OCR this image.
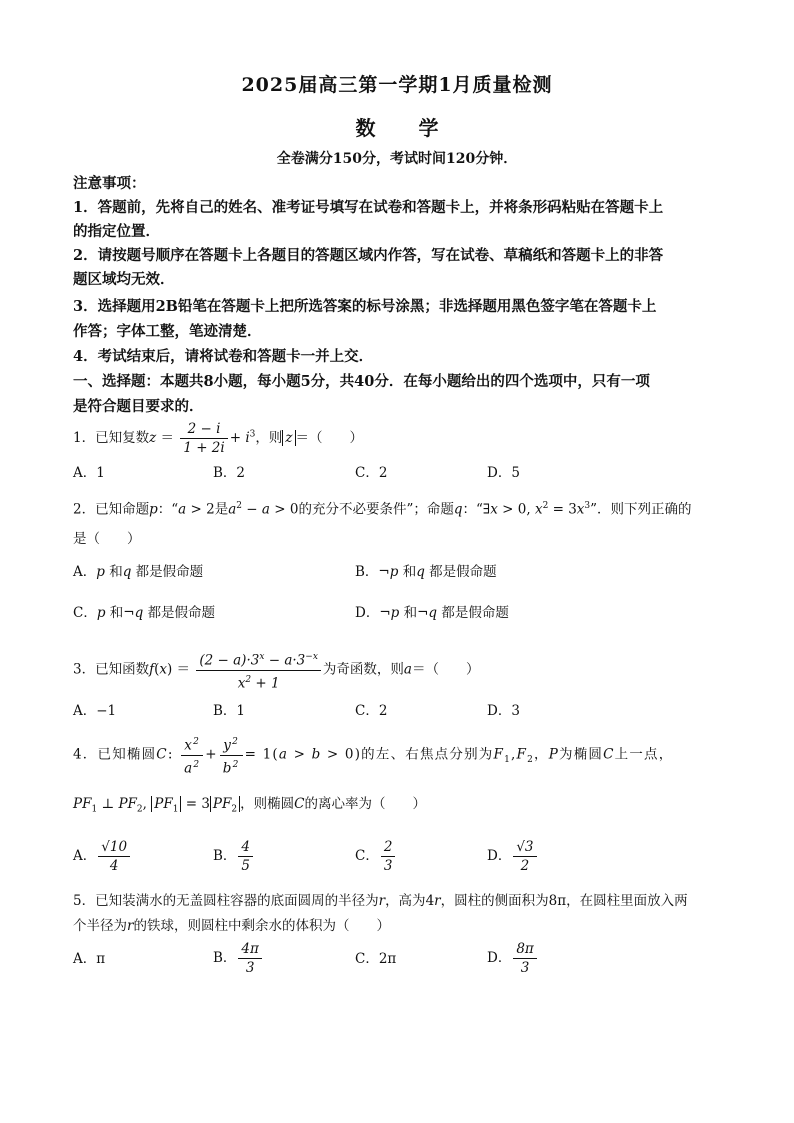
2025届高三第一学期1月质量检测
数 学
全卷满分150分，考试时间120分钟．
注意事项：
1．答题前，先将自己的姓名、准考证号填写在试卷和答题卡上，并将条形码粘贴在答题卡上
的指定位置．
2．请按题号顺序在答题卡上各题目的答题区域内作答，写在试卷、草稿纸和答题卡上的非答
题区域均无效．
3．选择题用2B铅笔在答题卡上把所选答案的标号涂黑；非选择题用黑色签字笔在答题卡上
作答；字体工整，笔迹清楚．
4．考试结束后，请将试卷和答题卡一并上交．
一、选择题：本题共8小题，每小题5分，共40分．在每小题给出的四个选项中，只有一项
是符合题目要求的．
1．已知复数$z = \frac{2 - i}{1 + 2i} + i^3$，则 z ＝（　　）
A．1	B．2	C．2	D．5
2．已知命题p：“a > 2是$a^2 - a > 0$的充分不必要条件”；命题q：“∃x > 0, $x^2 = 3x^3$”．则下列正确的
是（　　）
A．p 和q 都是假命题	B．¬p 和q 都是假命题
C．p 和¬q 都是假命题	D．¬p 和¬q 都是假命题
3．已知函数$f(x) = \frac{(2 - a)\cdot 3^x - a\cdot 3^{-x}}{x^2 + 1}$ 为奇函数，则a＝（　　）
A．−1	B．1	C．2	D．3
4．已知椭圆C: $\frac{x^2}{a^2} + \frac{y^2}{b^2} = 1(a > b > 0)$的左、右焦点分别为$F_1,F_2$，P为椭圆C上一点，
$PF_1$ ⊥ $PF_2$, $PF_1 = 3$ $PF_2$ ，则椭圆C的离心率为（　　）
A． $\frac{√10}{4}$	B． $\frac{4}{5}$	C． $\frac{2}{3}$	D． $\frac{√3}{2}$
5．已知装满水的无盖圆柱容器的底面圆周的半径为r，高为4r，圆柱的侧面积为8π，在圆柱里面放入两
个半径为r的铁球，则圆柱中剩余水的体积为（　　）
A．π	B． $\frac{4\pi}{3}$	C．2π	D． $\frac{8\pi}{3}$
